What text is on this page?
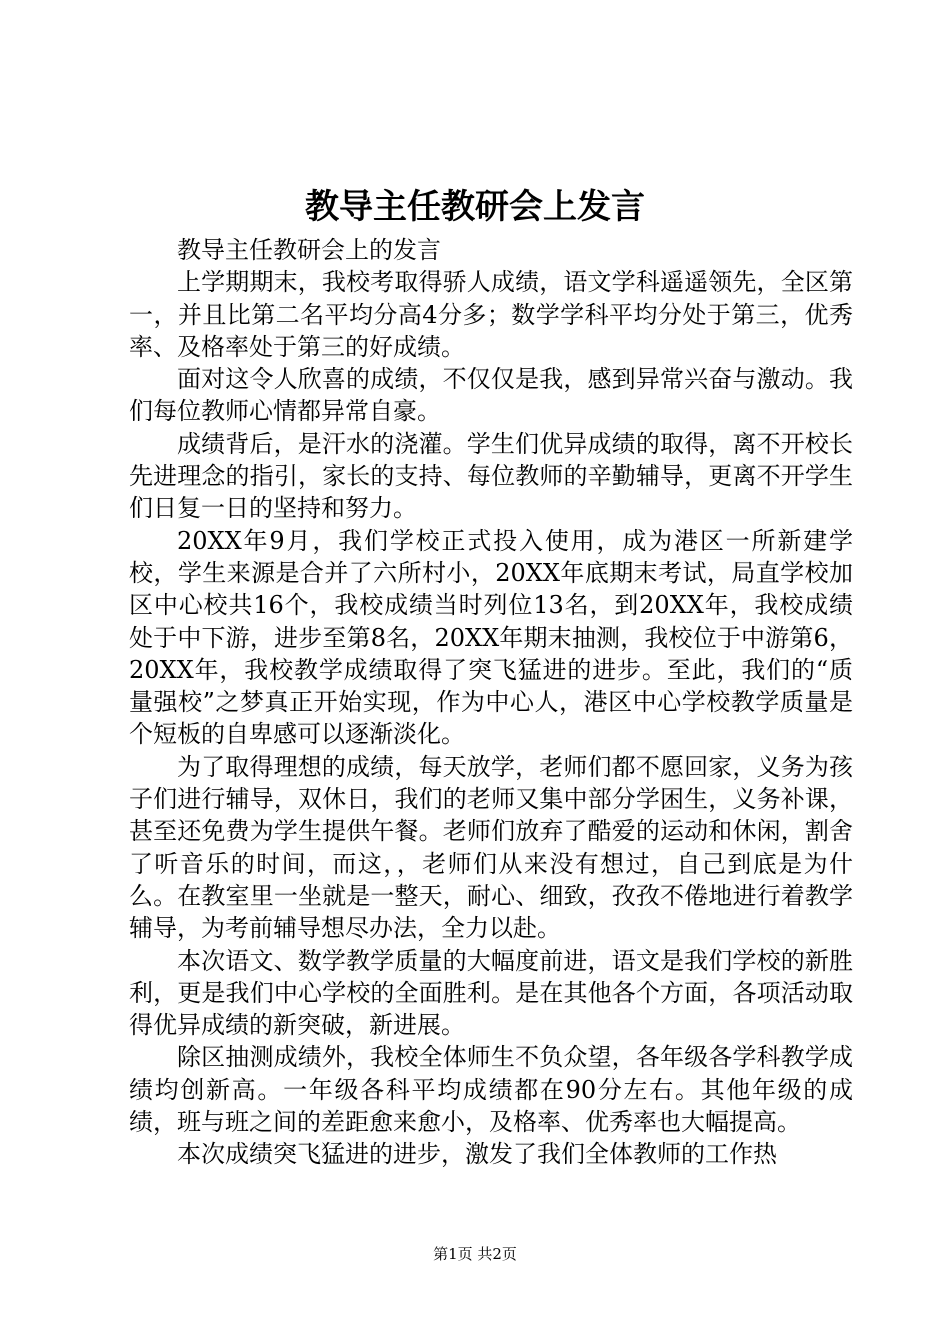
教导主任教研会上发言

教导主任教研会上的发言

上学期期末，我校考取得骄人成绩，语文学科遥遥领先，全区第一，并且比第二名平均分高4分多；数学学科平均分处于第三，优秀率、及格率处于第三的好成绩。

面对这令人欣喜的成绩，不仅仅是我，感到异常兴奋与激动。我们每位教师心情都异常自豪。

成绩背后，是汗水的浇灌。学生们优异成绩的取得，离不开校长先进理念的指引，家长的支持、每位教师的辛勤辅导，更离不开学生们日复一日的坚持和努力。

20XX年9月，我们学校正式投入使用，成为港区一所新建学校，学生来源是合并了六所村小，20XX年底期末考试，局直学校加区中心校共16个，我校成绩当时列位13名，到20XX年，我校成绩处于中下游，进步至第8名，20XX年期末抽测，我校位于中游第6，20XX年，我校教学成绩取得了突飞猛进的进步。至此，我们的“质量强校”之梦真正开始实现，作为中心人，港区中心学校教学质量是个短板的自卑感可以逐渐淡化。

为了取得理想的成绩，每天放学，老师们都不愿回家，义务为孩子们进行辅导，双休日，我们的老师又集中部分学困生，义务补课，甚至还免费为学生提供午餐。老师们放弃了酷爱的运动和休闲，割舍了听音乐的时间，而这，，老师们从来没有想过，自己到底是为什么。在教室里一坐就是一整天，耐心、细致，孜孜不倦地进行着教学辅导，为考前辅导想尽办法，全力以赴。

本次语文、数学教学质量的大幅度前进，语文是我们学校的新胜利，更是我们中心学校的全面胜利。是在其他各个方面，各项活动取得优异成绩的新突破，新进展。

除区抽测成绩外，我校全体师生不负众望，各年级各学科教学成绩均创新高。一年级各科平均成绩都在90分左右。其他年级的成绩，班与班之间的差距愈来愈小，及格率、优秀率也大幅提高。

本次成绩突飞猛进的进步，激发了我们全体教师的工作热

第1页 共2页
